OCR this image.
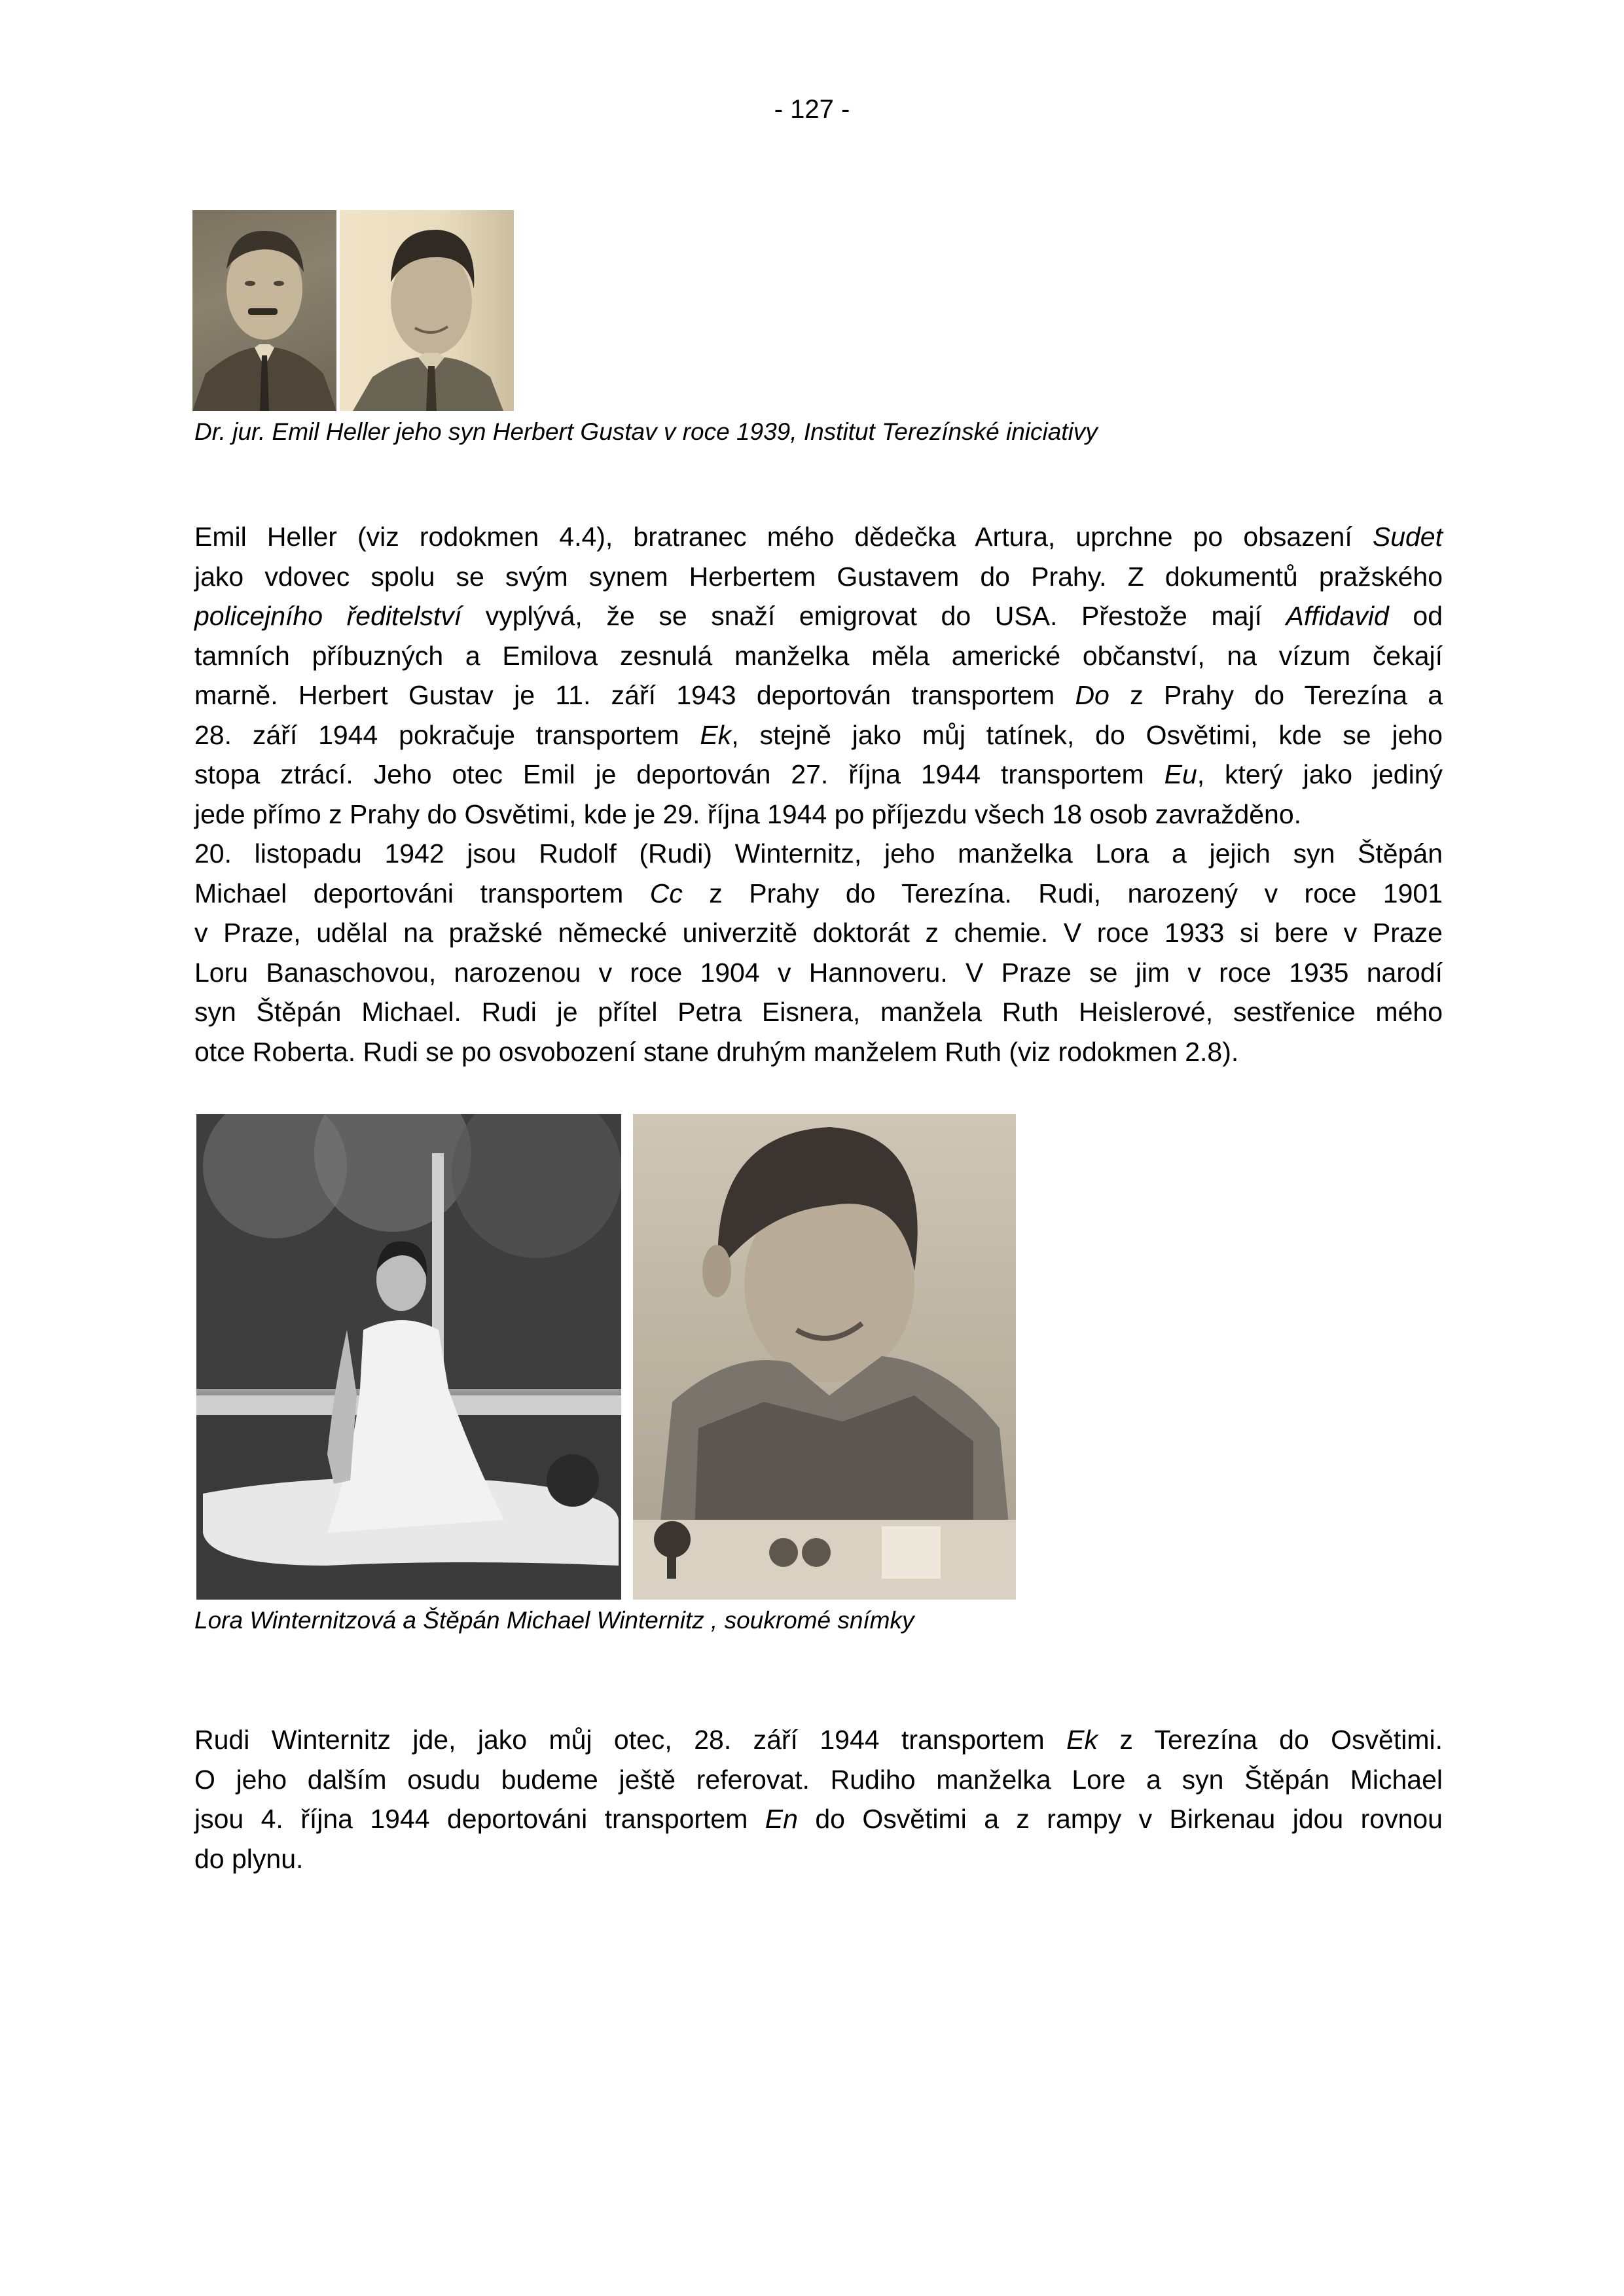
- 127 -
Dr. jur. Emil Heller jeho syn Herbert Gustav v roce 1939, Institut Terezínské iniciativy
Emil Heller (viz rodokmen 4.4), bratranec mého dědečka Artura, uprchne po obsazení Sudet
jako vdovec spolu se svým synem Herbertem Gustavem do Prahy. Z dokumentů pražského
policejního ředitelství vyplývá, že se snaží emigrovat do USA. Přestože mají Affidavid od
tamních příbuzných a Emilova zesnulá manželka měla americké občanství, na vízum čekají
marně. Herbert Gustav je 11. září 1943 deportován transportem Do z Prahy do Terezína a
28. září 1944 pokračuje transportem Ek, stejně jako můj tatínek, do Osvětimi, kde se jeho
stopa ztrácí. Jeho otec Emil je deportován 27. října 1944 transportem Eu, který jako jediný
jede přímo z Prahy do Osvětimi, kde je 29. října 1944 po příjezdu všech 18 osob zavražděno.
20. listopadu 1942 jsou Rudolf (Rudi) Winternitz, jeho manželka Lora a jejich syn Štěpán
Michael deportováni transportem Cc z Prahy do Terezína. Rudi, narozený v roce 1901
v Praze, udělal na pražské německé univerzitě doktorát z chemie. V roce 1933 si bere v Praze
Loru Banaschovou, narozenou v roce 1904 v Hannoveru. V Praze se jim v roce 1935 narodí
syn Štěpán Michael. Rudi je přítel Petra Eisnera, manžela Ruth Heislerové, sestřenice mého
otce Roberta. Rudi se po osvobození stane druhým manželem Ruth (viz rodokmen 2.8).
Lora Winternitzová a Štěpán Michael Winternitz , soukromé snímky
Rudi Winternitz jde, jako můj otec, 28. září 1944 transportem Ek z Terezína do Osvětimi.
O jeho dalším osudu budeme ještě referovat. Rudiho manželka Lore a syn Štěpán Michael
jsou 4. října 1944 deportováni transportem En do Osvětimi a z rampy v Birkenau jdou rovnou
do plynu.
